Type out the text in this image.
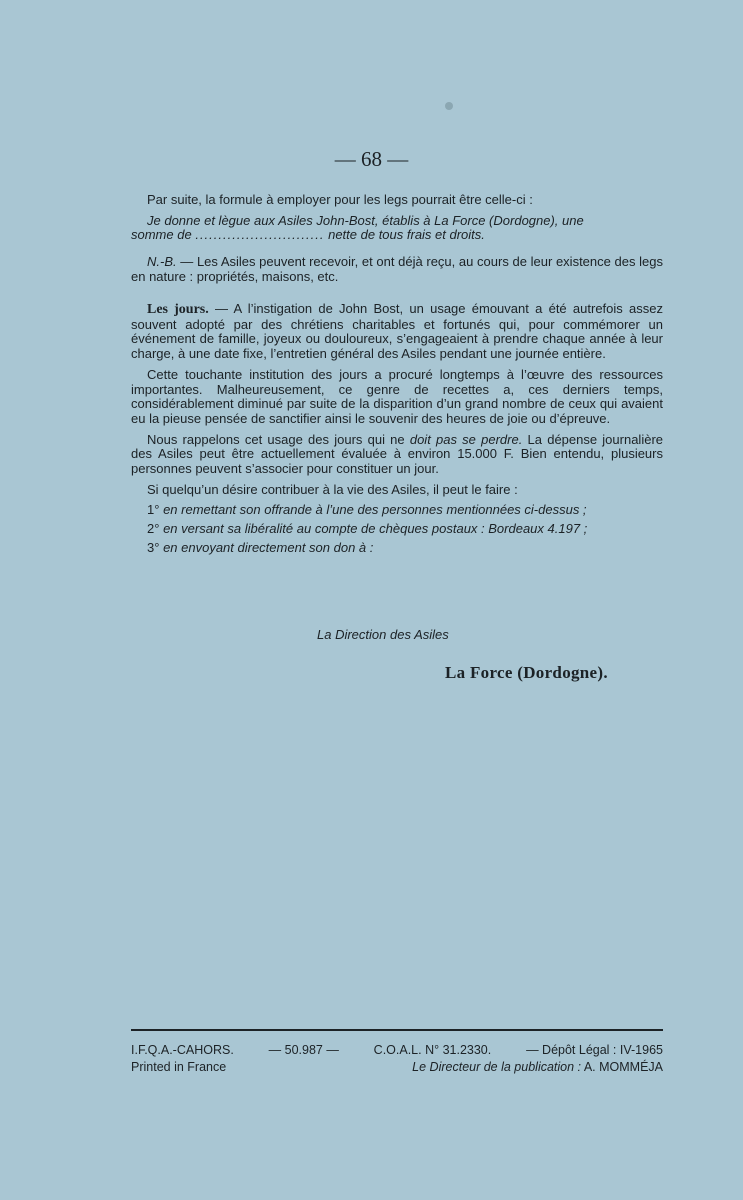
— 68 —

Par suite, la formule à employer pour les legs pourrait être celle-ci :

Je donne et lègue aux Asiles John-Bost, établis à La Force (Dordogne), une

somme de ............................ nette de tous frais et droits.

N.-B. — Les Asiles peuvent recevoir, et ont déjà reçu, au cours de leur existence des legs en nature : propriétés, maisons, etc.

Les jours. — A l’instigation de John Bost, un usage émouvant a été autrefois assez souvent adopté par des chrétiens charitables et fortunés qui, pour commémorer un événement de famille, joyeux ou douloureux, s’engageaient à prendre chaque année à leur charge, à une date fixe, l’entretien général des Asiles pendant une journée entière.

Cette touchante institution des jours a procuré longtemps à l’œuvre des ressources importantes. Malheureusement, ce genre de recettes a, ces derniers temps, considérablement diminué par suite de la disparition d’un grand nombre de ceux qui avaient eu la pieuse pensée de sanctifier ainsi le souvenir des heures de joie ou d’épreuve.

Nous rappelons cet usage des jours qui ne doit pas se perdre. La dépense journalière des Asiles peut être actuellement évaluée à environ 15.000 F. Bien entendu, plusieurs personnes peuvent s’associer pour constituer un jour.

Si quelqu’un désire contribuer à la vie des Asiles, il peut le faire :

1° en remettant son offrande à l’une des personnes mentionnées ci-dessus ;

2° en versant sa libéralité au compte de chèques postaux : Bordeaux 4.197 ;

3° en envoyant directement son don à :

La Direction des Asiles
La Force (Dordogne).
I.F.Q.A.-CAHORS.	— 50.987 —	C.O.A.L. N° 31.2330.	— Dépôt Légal : IV-1965
Printed in France	Le Directeur de la publication : A. MOMMÉJA
